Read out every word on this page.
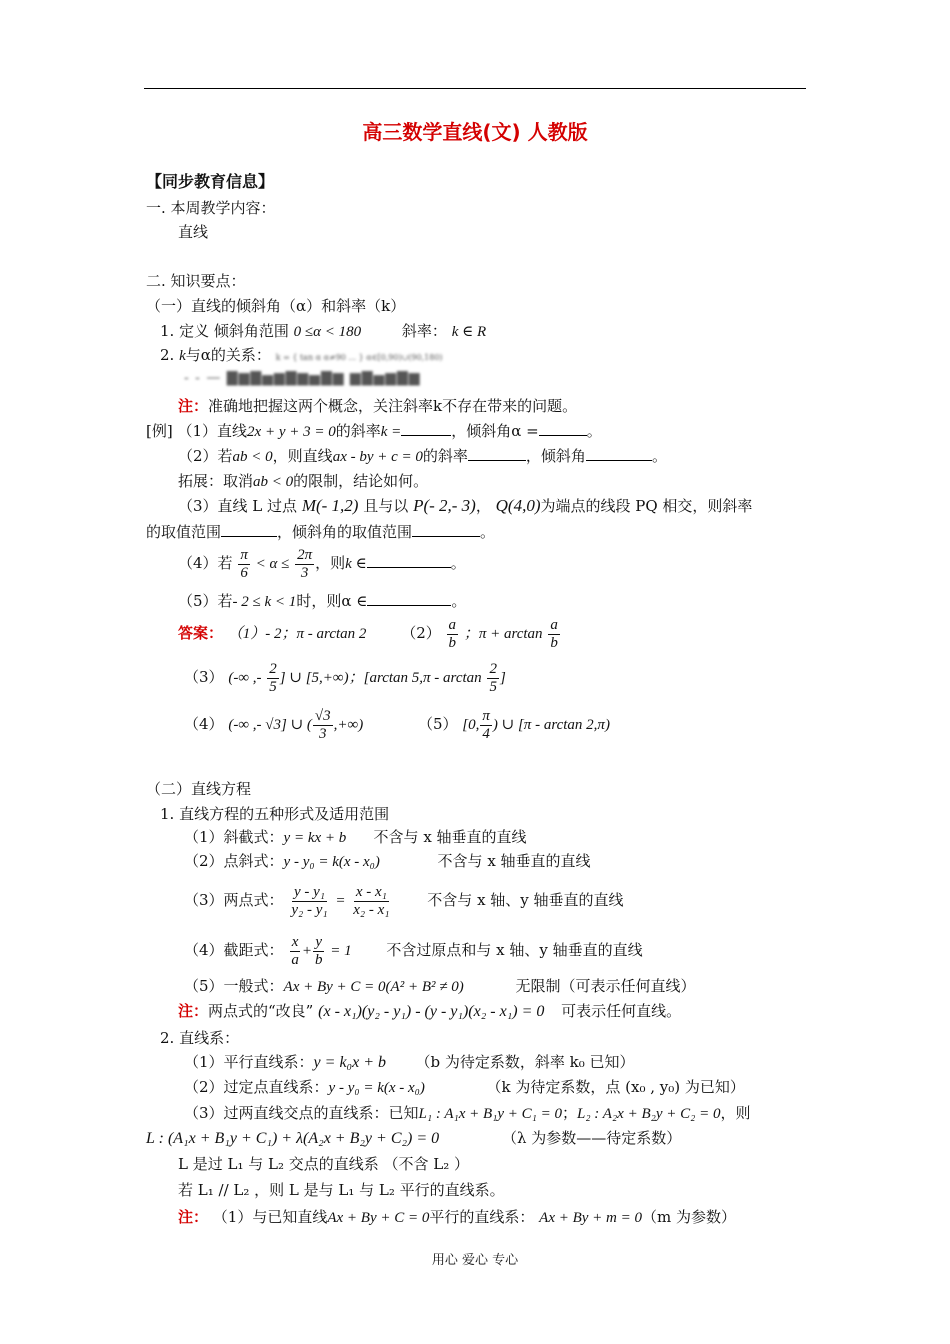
高三数学直线(文) 人教版
【同步教育信息】
一. 本周教学内容：
直线
二. 知识要点：
（一）直线的倾斜角（α）和斜率（k）
1. 定义 倾斜角范围 0 ≤α < 180	斜率： k ∈ R
2. k与α的关系： k = { tan α α≠90 ... } α∈[0,90)∪(90,180)
- - — ▇▆▇▅▆▇▆▅▇▆ ▆▇▅▆▇▆
注：准确地把握这两个概念，关注斜率k不存在带来的问题。
[例] （1）直线2x + y + 3 = 0的斜率k =	，倾斜角α =	。
（2）若ab < 0，则直线ax - by + c = 0的斜率	，倾斜角	。
拓展：取消ab < 0的限制，结论如何。
（3）直线 L 过点 M(- 1,2) 且与以 P(- 2,- 3)， Q(4,0)为端点的线段 PQ 相交，则斜率
的取值范围	，倾斜角的取值范围	。
（4）若 $\frac{\pi}{6} < \alpha \le \frac{2\pi}{3}$ ，则k ∈	。
（5）若- 2 ≤ k < 1时，则α ∈	。
答案： （1）- 2；π - arctan 2 $(2) \frac{a}{b}$ ；$\pi + \arctan \frac{a}{b}$
（3） (-∞ ,- $\frac{2}{5}$ ] ∪ [5,+∞)；[arctan $5,\pi - \arctan \frac{2}{5}$ ]
（4） (-∞ ,- √3] ∪ ( $\frac{√3}{3}$ ,+∞)	（5） [0, $\frac{\pi}{4}$ ) ∪ [π - arctan 2,π)
（二）直线方程
1. 直线方程的五种形式及适用范围
（1）斜截式：y = kx + b 不含与 x 轴垂直的直线
（2）点斜式：y - y₀ = k(x - x₀)	不含与 x 轴垂直的直线
（3）两点式： $\frac{\text{y - y₁}}{\text{y₂ - y₁}} = \frac{\text{x - x₁}}{\text{x₂ - x₁}}$ 不含与 x 轴、y 轴垂直的直线
（4）截距式： $\frac{x}{a} + \frac{y}{b} = 1$ 不含过原点和与 x 轴、y 轴垂直的直线
（5）一般式：Ax + By + C = 0(A² + B² ≠ 0)	无限制（可表示任何直线）
注：两点式的“改良” (x - x₁)(y₂ - y₁) - (y - y₁)(x₂ - x₁) = 0 可表示任何直线。
2. 直线系：
（1）平行直线系：y = k₀x + b （b 为待定系数，斜率 k₀ 已知）
（2）过定点直线系：y - y₀ = k(x - x₀)	（k 为待定系数，点 (x₀ , y₀) 为已知）
（3）过两直线交点的直线系：已知L₁ : A₁x + B₁y + C₁ = 0；L₂ : A₂x + B₂y + C₂ = 0，则
L : (A₁x + B₁y + C₁) + λ(A₂x + B₂y + C₂) = 0	（λ 为参数——待定系数）
L 是过 L₁ 与 L₂ 交点的直线系 （不含 L₂ ）
若 L₁ // L₂ ，则 L 是与 L₁ 与 L₂ 平行的直线系。
注： （1）与已知直线Ax + By + C = 0平行的直线系： Ax + By + m = 0（m 为参数）
用心 爱心 专心
